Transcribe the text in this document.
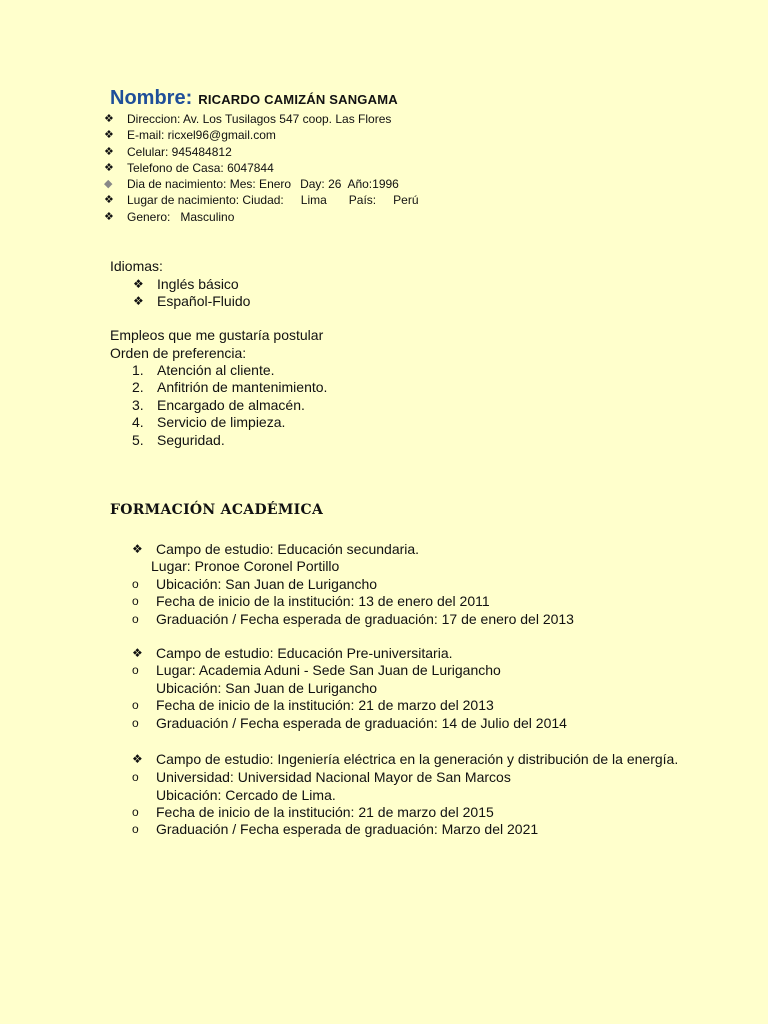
Nombre: RICARDO CAMIZÁN SANGAMA
❖	Direccion: Av. Los Tusilagos 547 coop. Las Flores
❖	E-mail: ricxel96@gmail.com
❖	Celular: 945484812
❖	Telefono de Casa: 6047844
◆	Dia de nacimiento: Mes: Enero Day: 26 Año:1996
❖	Lugar de nacimiento: Ciudad: Lima País: Perú
❖	Genero: Masculino
Idiomas:
❖ Inglés básico
❖ Español-Fluido
Empleos que me gustaría postular
Orden de preferencia:
1. Atención al cliente.
2. Anfitrión de mantenimiento.
3. Encargado de almacén.
4. Servicio de limpieza.
5. Seguridad.
FORMACIÓN ACADÉMICA
❖ Campo de estudio: Educación secundaria.
Lugar: Pronoe Coronel Portillo
o	Ubicación: San Juan de Lurigancho
o	Fecha de inicio de la institución: 13 de enero del 2011
o	Graduación / Fecha esperada de graduación: 17 de enero del 2013
❖ Campo de estudio: Educación Pre-universitaria.
o	Lugar: Academia Aduni - Sede San Juan de Lurigancho
Ubicación: San Juan de Lurigancho
o	Fecha de inicio de la institución: 21 de marzo del 2013
o	Graduación / Fecha esperada de graduación: 14 de Julio del 2014
❖ Campo de estudio: Ingeniería eléctrica en la generación y distribución de la energía.
o	Universidad: Universidad Nacional Mayor de San Marcos
Ubicación: Cercado de Lima.
o	Fecha de inicio de la institución: 21 de marzo del 2015
o	Graduación / Fecha esperada de graduación: Marzo del 2021
